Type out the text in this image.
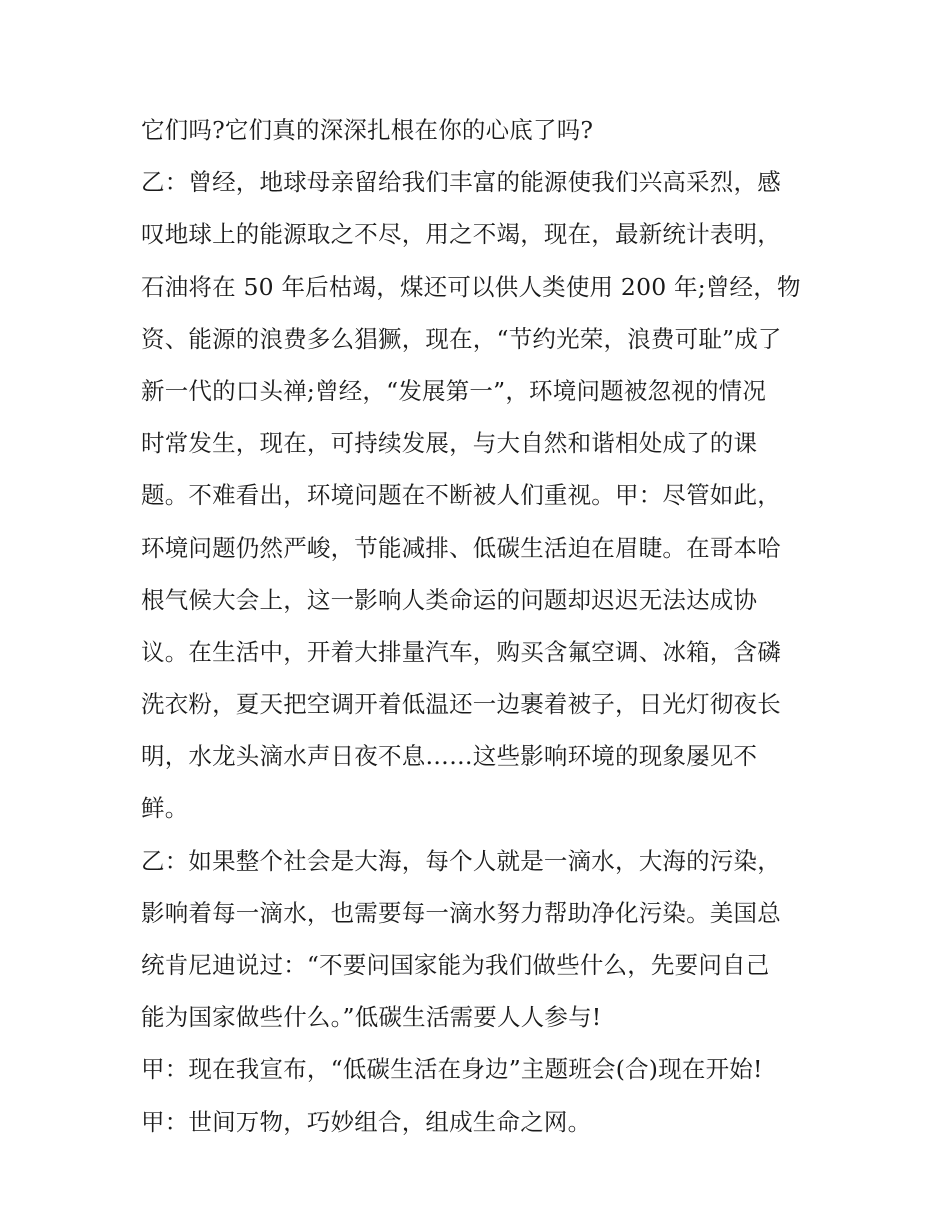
它们吗?它们真的深深扎根在你的心底了吗?
乙：曾经，地球母亲留给我们丰富的能源使我们兴高采烈，感
叹地球上的能源取之不尽，用之不竭，现在，最新统计表明，
石油将在 50 年后枯竭，煤还可以供人类使用 200 年;曾经，物
资、能源的浪费多么猖獗，现在，“节约光荣，浪费可耻”成了
新一代的口头禅;曾经，“发展第一”，环境问题被忽视的情况
时常发生，现在，可持续发展，与大自然和谐相处成了的课
题。不难看出，环境问题在不断被人们重视。甲：尽管如此，
环境问题仍然严峻，节能减排、低碳生活迫在眉睫。在哥本哈
根气候大会上，这一影响人类命运的问题却迟迟无法达成协
议。在生活中，开着大排量汽车，购买含氟空调、冰箱，含磷
洗衣粉，夏天把空调开着低温还一边裹着被子，日光灯彻夜长
明，水龙头滴水声日夜不息……这些影响环境的现象屡见不
鲜。
乙：如果整个社会是大海，每个人就是一滴水，大海的污染，
影响着每一滴水，也需要每一滴水努力帮助净化污染。美国总
统肯尼迪说过：“不要问国家能为我们做些什么，先要问自己
能为国家做些什么。”低碳生活需要人人参与!
甲：现在我宣布，“低碳生活在身边”主题班会(合)现在开始!
甲：世间万物，巧妙组合，组成生命之网。
